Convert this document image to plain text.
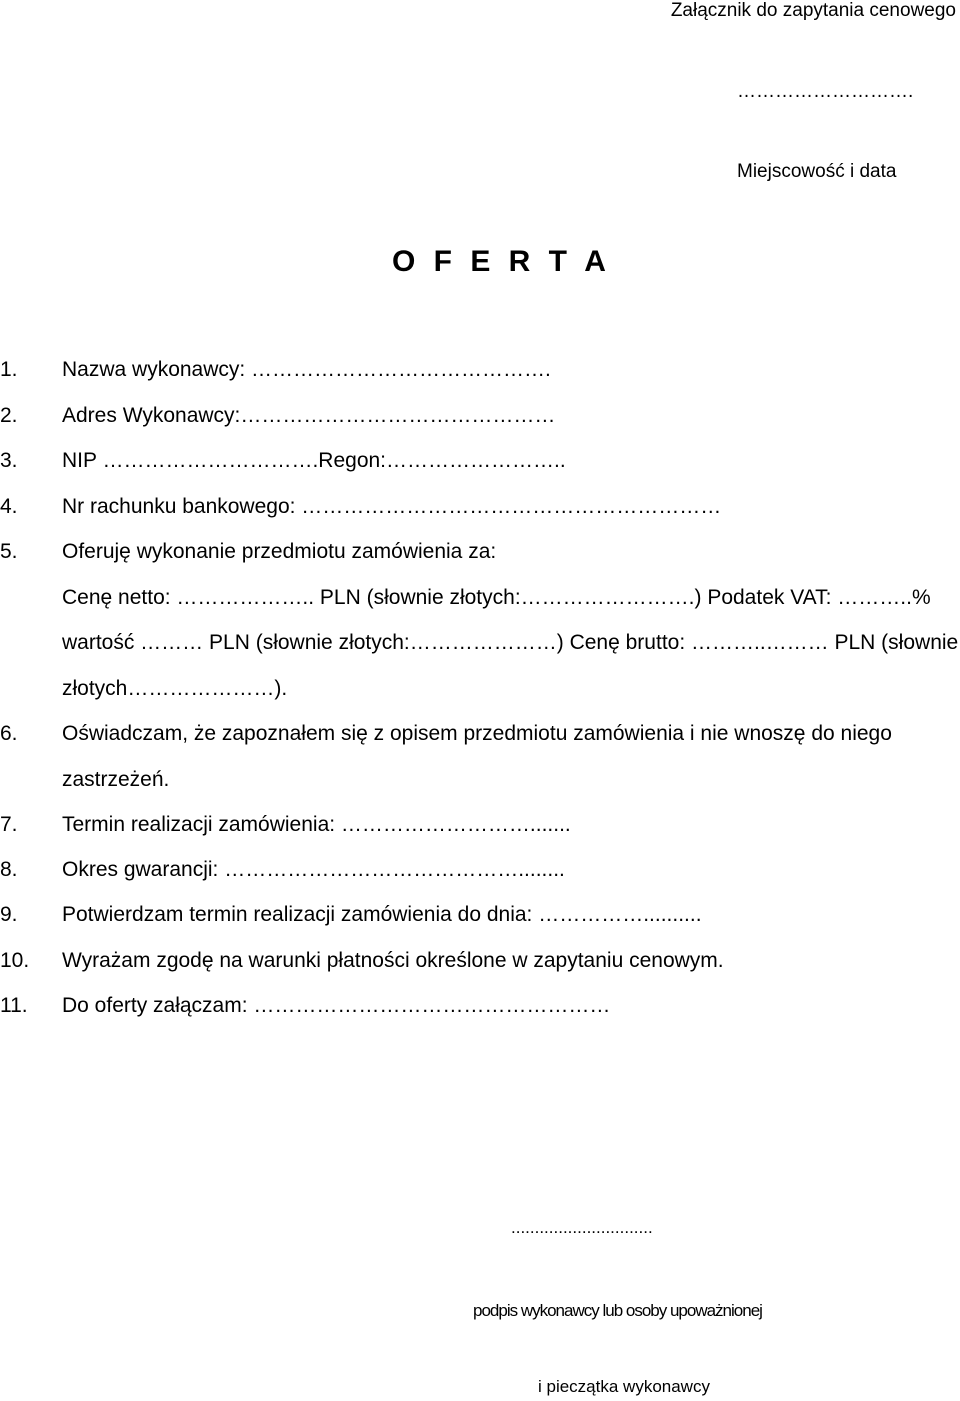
Załącznik do zapytania cenowego
……………………….
Miejscowość i data
O F E R T A
1. Nazwa wykonawcy: …………………………………….
2. Adres Wykonawcy:………………………………………
3. NIP ………………………….Regon:……………………..
4. Nr rachunku bankowego: ……………………………………………………
5. Oferuję wykonanie przedmiotu zamówienia za:
Cenę netto: ……………….. PLN (słownie złotych:…………………….) Podatek VAT: ………..%
wartość ……… PLN (słownie złotych:…………………) Cenę brutto: ………..……… PLN (słownie
złotych…………………).
6. Oświadczam, że zapoznałem się z opisem przedmiotu zamówienia i nie wnoszę do niego
zastrzeżeń.
7. Termin realizacji zamówienia: ……………………….......
8. Okres gwarancji: ……………………………………........
9. Potwierdzam termin realizacji zamówienia do dnia: ……………..........
10. Wyrażam zgodę na warunki płatności określone w zapytaniu cenowym.
11. Do oferty załączam: ……………………………………………
..............................
podpis wykonawcy lub osoby upoważnionej
i pieczątka wykonawcy
